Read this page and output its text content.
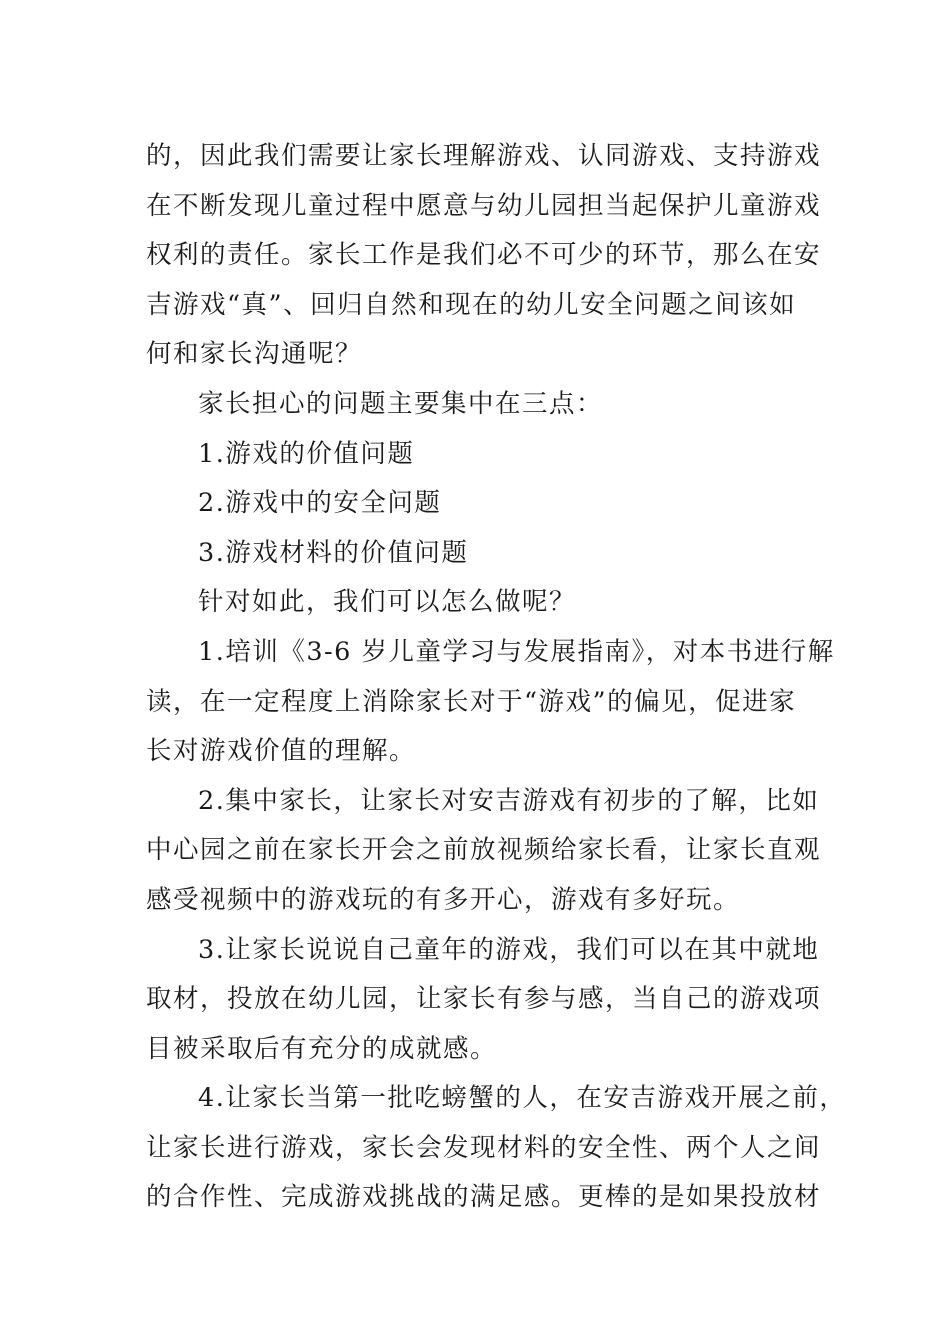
的，因此我们需要让家长理解游戏、认同游戏、支持游戏
在不断发现儿童过程中愿意与幼儿园担当起保护儿童游戏
权利的责任。家长工作是我们必不可少的环节，那么在安
吉游戏“真”、回归自然和现在的幼儿安全问题之间该如
何和家长沟通呢？
家长担心的问题主要集中在三点：
1.游戏的价值问题
2.游戏中的安全问题
3.游戏材料的价值问题
针对如此，我们可以怎么做呢？
1.培训《3-6 岁儿童学习与发展指南》，对本书进行解
读，在一定程度上消除家长对于“游戏”的偏见，促进家
长对游戏价值的理解。
2.集中家长，让家长对安吉游戏有初步的了解，比如
中心园之前在家长开会之前放视频给家长看，让家长直观
感受视频中的游戏玩的有多开心，游戏有多好玩。
3.让家长说说自己童年的游戏，我们可以在其中就地
取材，投放在幼儿园，让家长有参与感，当自己的游戏项
目被采取后有充分的成就感。
4.让家长当第一批吃螃蟹的人，在安吉游戏开展之前，
让家长进行游戏，家长会发现材料的安全性、两个人之间
的合作性、完成游戏挑战的满足感。更棒的是如果投放材
